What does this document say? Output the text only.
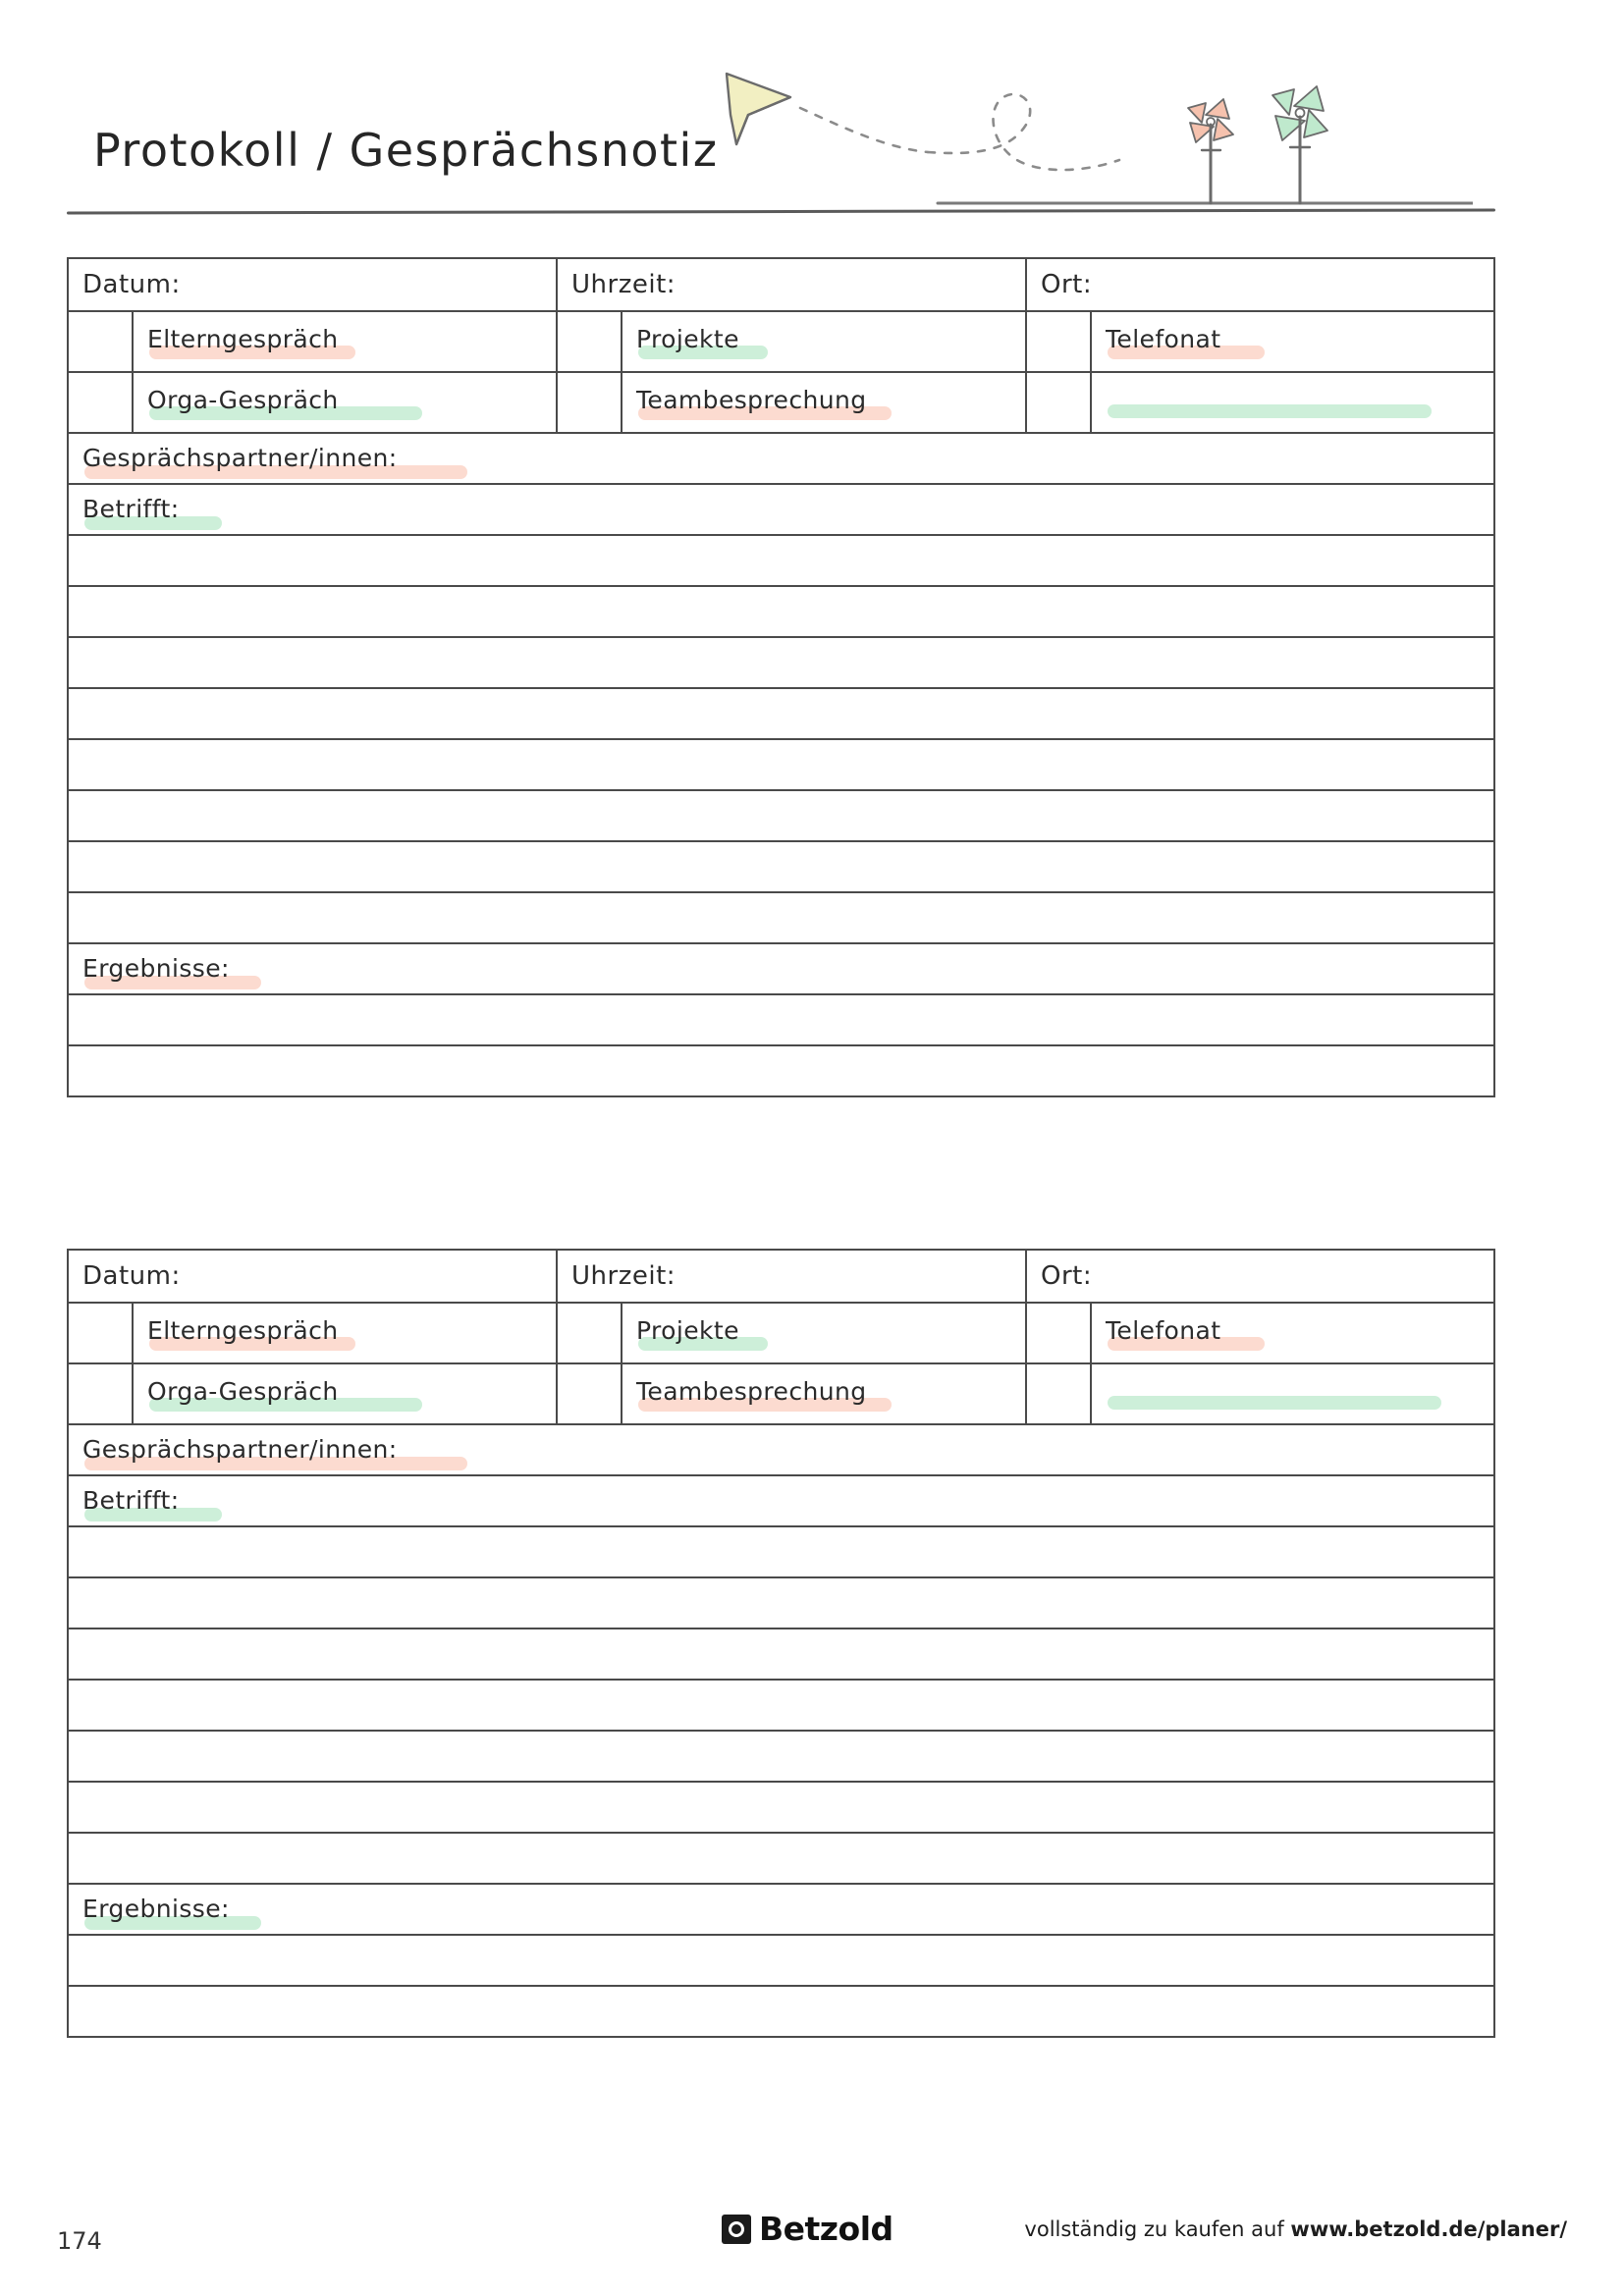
Protokoll / Gesprächsnotiz
Datum:	Uhrzeit:	Ort:
Elterngespräch	Projekte	Telefonat
Orga-Gespräch	Teambesprechung
Gesprächspartner/innen:
Betrifft:
Ergebnisse:
Datum:	Uhrzeit:	Ort:
Elterngespräch	Projekte	Telefonat
Orga-Gespräch	Teambesprechung
Gesprächspartner/innen:
Betrifft:
Ergebnisse:
174	Betzold	vollständig zu kaufen auf www.betzold.de/planer/
